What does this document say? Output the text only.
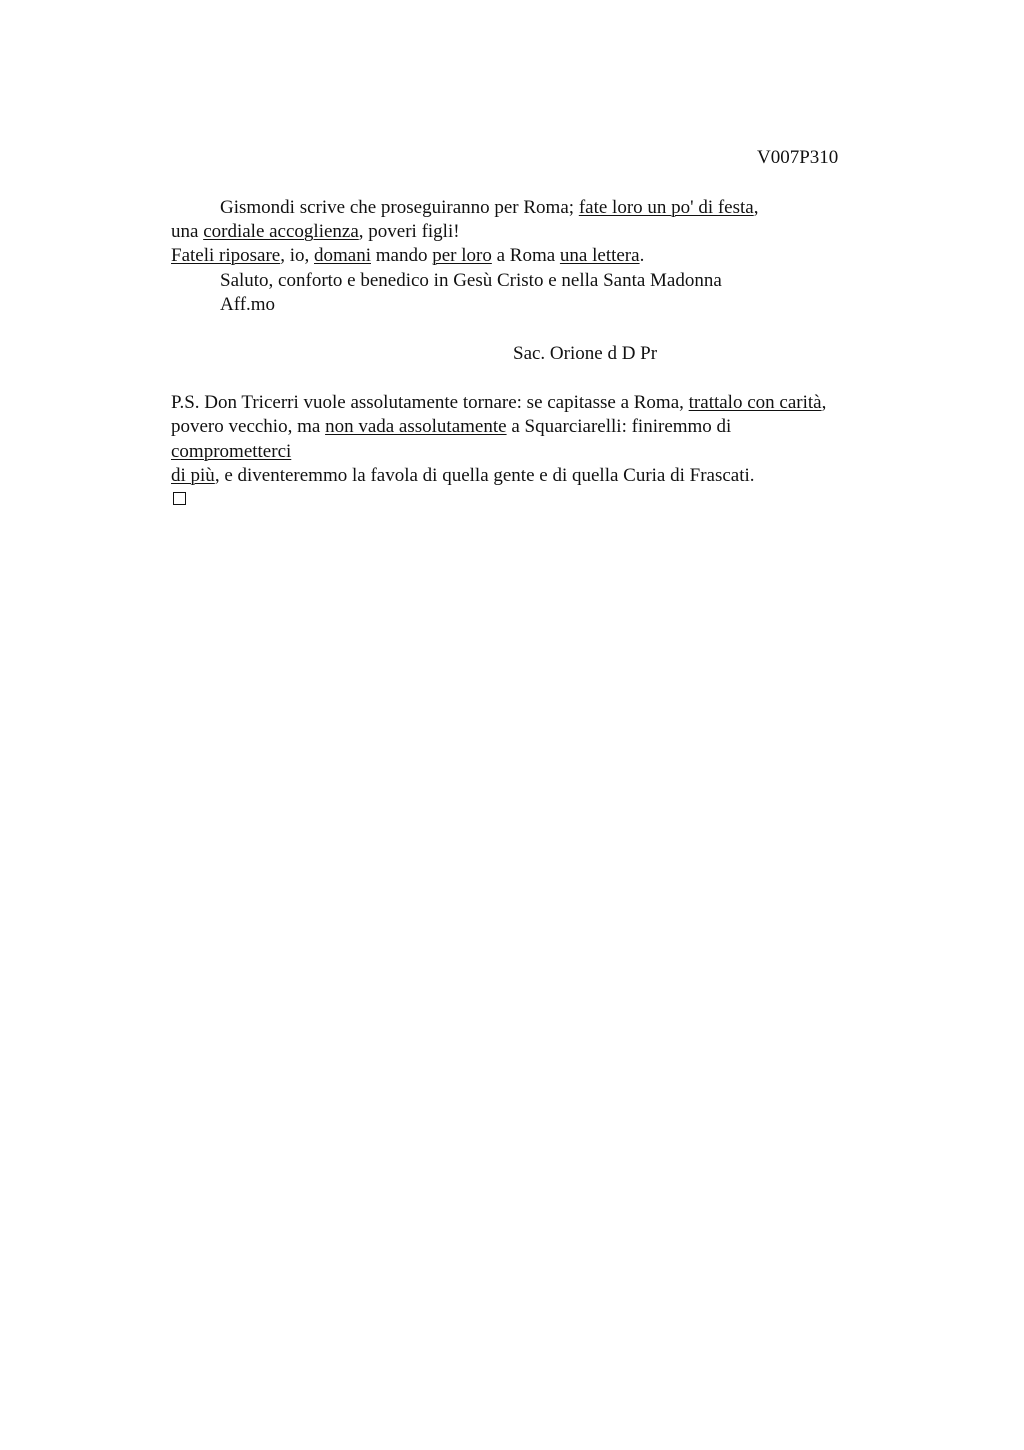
V007P310
Gismondi scrive che proseguiranno per Roma; fate loro un po' di festa,
una cordiale accoglienza, poveri figli!
Fateli riposare, io, domani mando per loro a Roma una lettera.
Saluto, conforto e benedico in Gesù Cristo e nella Santa Madonna
Aff.mo
Sac. Orione d D Pr
P.S. Don Tricerri vuole assolutamente tornare: se capitasse a Roma, trattalo con carità,
povero vecchio, ma non vada assolutamente a Squarciarelli: finiremmo di
comprometterci
di più, e diventeremmo la favola di quella gente e di quella Curia di Frascati.
